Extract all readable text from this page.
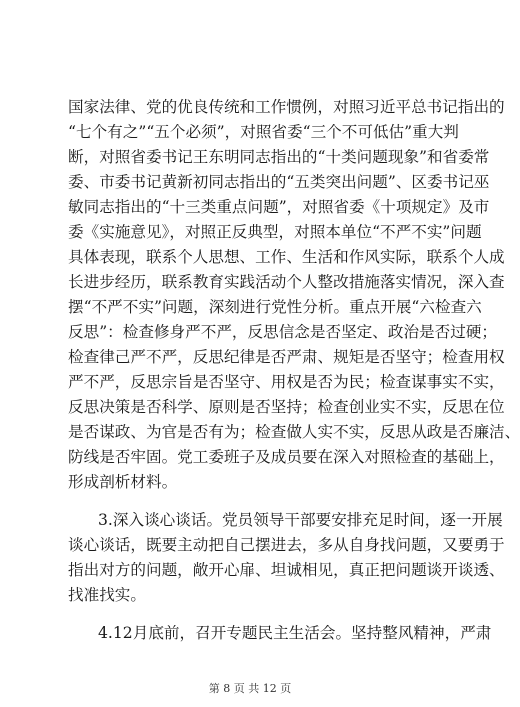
国家法律、党的优良传统和工作惯例，对照习近平总书记指出的
“七个有之”“五个必须”，对照省委“三个不可低估”重大判
断，对照省委书记王东明同志指出的“十类问题现象”和省委常
委、市委书记黄新初同志指出的“五类突出问题”、区委书记巫
敏同志指出的“十三类重点问题”，对照省委《十项规定》及市
委《实施意见》，对照正反典型，对照本单位“不严不实”问题
具体表现，联系个人思想、工作、生活和作风实际，联系个人成
长进步经历，联系教育实践活动个人整改措施落实情况，深入查
摆“不严不实”问题，深刻进行党性分析。重点开展“六检查六
反思”：检查修身严不严，反思信念是否坚定、政治是否过硬；
检查律己严不严，反思纪律是否严肃、规矩是否坚守；检查用权
严不严，反思宗旨是否坚守、用权是否为民；检查谋事实不实，
反思决策是否科学、原则是否坚持；检查创业实不实，反思在位
是否谋政、为官是否有为；检查做人实不实，反思从政是否廉洁、
防线是否牢固。党工委班子及成员要在深入对照检查的基础上，
形成剖析材料。
3.深入谈心谈话。党员领导干部要安排充足时间，逐一开展
谈心谈话，既要主动把自己摆进去，多从自身找问题，又要勇于
指出对方的问题，敞开心扉、坦诚相见，真正把问题谈开谈透、
找准找实。
4.12月底前，召开专题民主生活会。坚持整风精神，严肃
第 8 页 共 12 页
